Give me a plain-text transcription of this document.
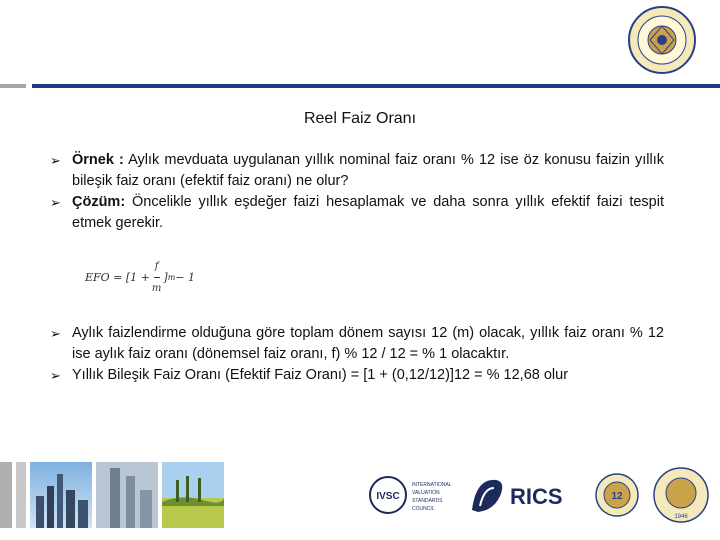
Reel Faiz Oranı
➢ Örnek : Aylık mevduata uygulanan yıllık nominal faiz oranı % 12 ise öz konusu faizin yıllık bileşik faiz oranı (efektif faiz oranı) ne olur?
➢ Çözüm: Öncelikle yıllık eşdeğer faizi hesaplamak ve daha sonra yıllık efektif faizi tespit etmek gerekir.
EFO = [$1 + \frac{f}{m}$ ] m − 1
➢ Aylık faizlendirme olduğuna göre toplam dönem sayısı 12 (m) olacak, yıllık faiz oranı % 12 ise aylık faiz oranı (dönemsel faiz oranı, f) % 12 / 12 = % 1 olacaktır.
➢ Yıllık Bileşik Faiz Oranı (Efektif Faiz Oranı) = [1 + (0,12/12)]12 = % 12,68 olur
IVSC
INTERNATIONAL
VALUATION
STANDARDS
COUNCIL	RICS	12
1946
